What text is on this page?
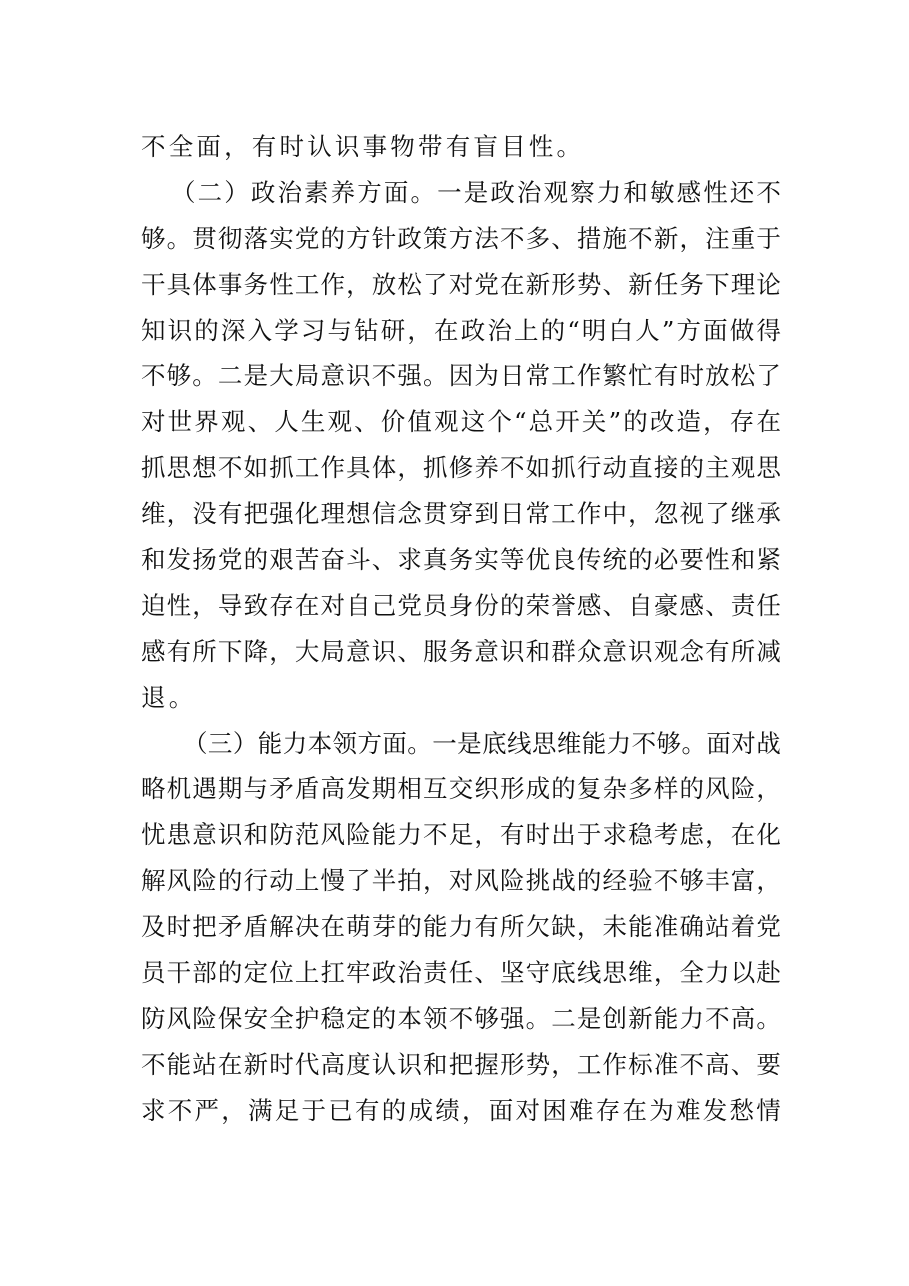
不全面，有时认识事物带有盲目性。
（ 二 ） 政 治 素 养 方 面 。 一 是 政 治 观 察 力 和 敏 感 性 还 不
够 。 贯 彻 落 实 党 的 方 针 政 策 方 法 不 多 、 措 施 不 新 ， 注 重 于
干 具 体 事 务 性 工 作 ， 放 松 了 对 党 在 新 形 势 、 新 任 务 下 理 论
知 识 的 深 入 学 习 与 钻 研 ， 在 政 治 上 的 “ 明 白 人 ” 方 面 做 得
不 够 。 二 是 大 局 意 识 不 强 。 因 为 日 常 工 作 繁 忙 有 时 放 松 了
对 世 界 观 、 人 生 观 、 价 值 观 这 个 “ 总 开 关 ” 的 改 造 ， 存 在
抓 思 想 不 如 抓 工 作 具 体 ， 抓 修 养 不 如 抓 行 动 直 接 的 主 观 思
维 ， 没 有 把 强 化 理 想 信 念 贯 穿 到 日 常 工 作 中 ， 忽 视 了 继 承
和 发 扬 党 的 艰 苦 奋 斗 、 求 真 务 实 等 优 良 传 统 的 必 要 性 和 紧
迫 性 ， 导 致 存 在 对 自 己 党 员 身 份 的 荣 誉 感 、 自 豪 感 、 责 任
感 有 所 下 降 ， 大 局 意 识 、 服 务 意 识 和 群 众 意 识 观 念 有 所 减
退。
（ 三 ） 能 力 本 领 方 面 。 一 是 底 线 思 维 能 力 不 够 。 面 对 战
略 机 遇 期 与 矛 盾 高 发 期 相 互 交 织 形 成 的 复 杂 多 样 的 风 险 ，
忧 患 意 识 和 防 范 风 险 能 力 不 足 ， 有 时 出 于 求 稳 考 虑 ， 在 化
解 风 险 的 行 动 上 慢 了 半 拍 ， 对 风 险 挑 战 的 经 验 不 够 丰 富 ，
及 时 把 矛 盾 解 决 在 萌 芽 的 能 力 有 所 欠 缺 ， 未 能 准 确 站 着 党
员 干 部 的 定 位 上 扛 牢 政 治 责 任 、 坚 守 底 线 思 维 ， 全 力 以 赴
防 风 险 保 安 全 护 稳 定 的 本 领 不 够 强 。 二 是 创 新 能 力 不 高 。
不 能 站 在 新 时 代 高 度 认 识 和 把 握 形 势 ， 工 作 标 准 不 高 、 要
求 不 严 ， 满 足 于 已 有 的 成 绩 ， 面 对 困 难 存 在 为 难 发 愁 情
